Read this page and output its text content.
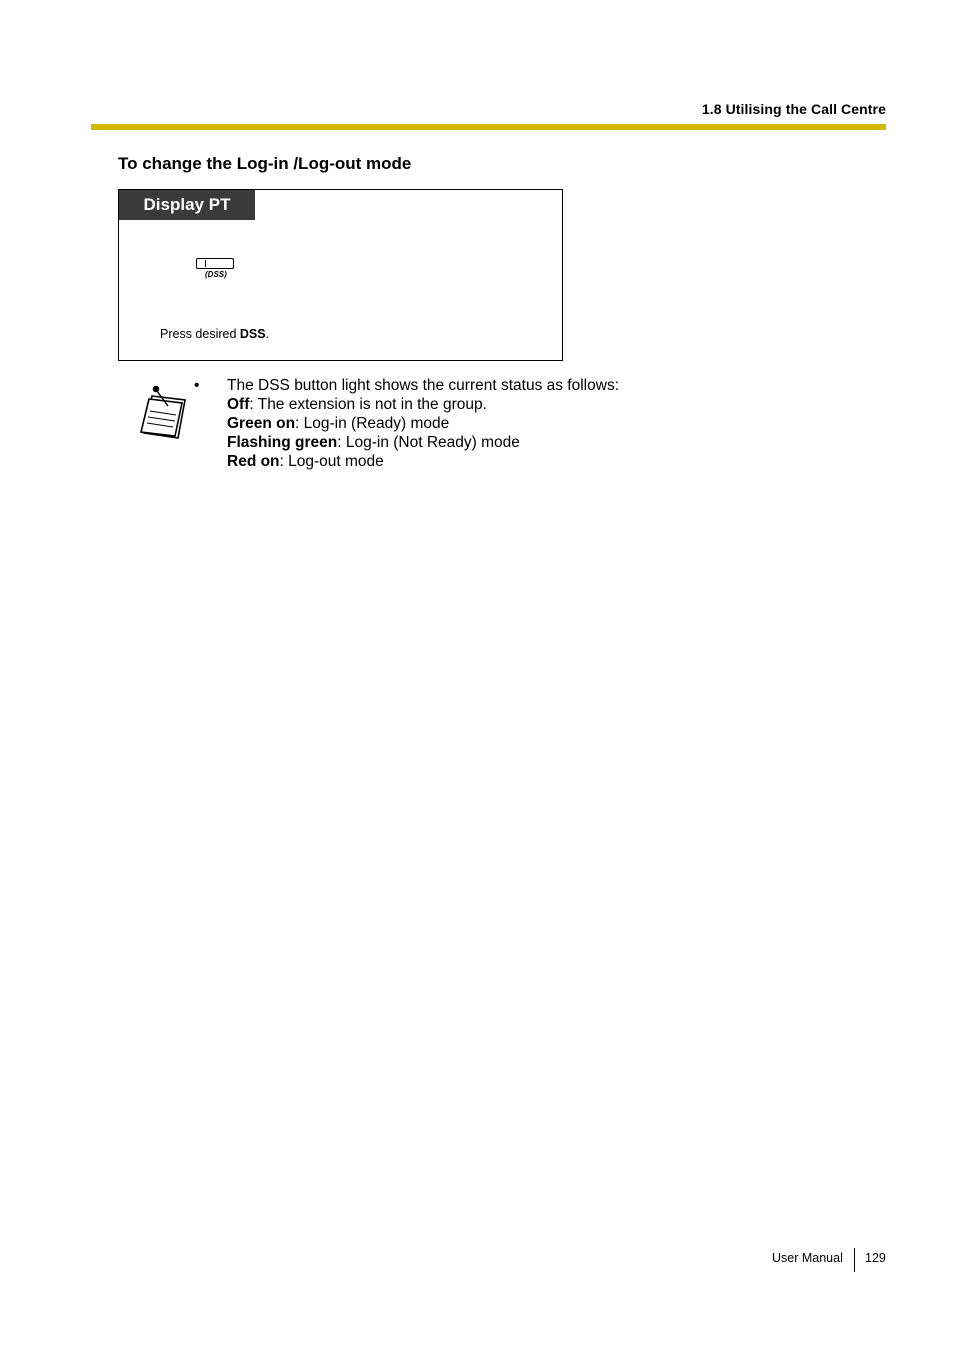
1.8 Utilising the Call Centre
To change the Log-in /Log-out mode
Display PT
(DSS)
Press desired DSS.
• The DSS button light shows the current status as follows:
Off: The extension is not in the group.
Green on: Log-in (Ready) mode
Flashing green: Log-in (Not Ready) mode
Red on: Log-out mode
User Manual 129
